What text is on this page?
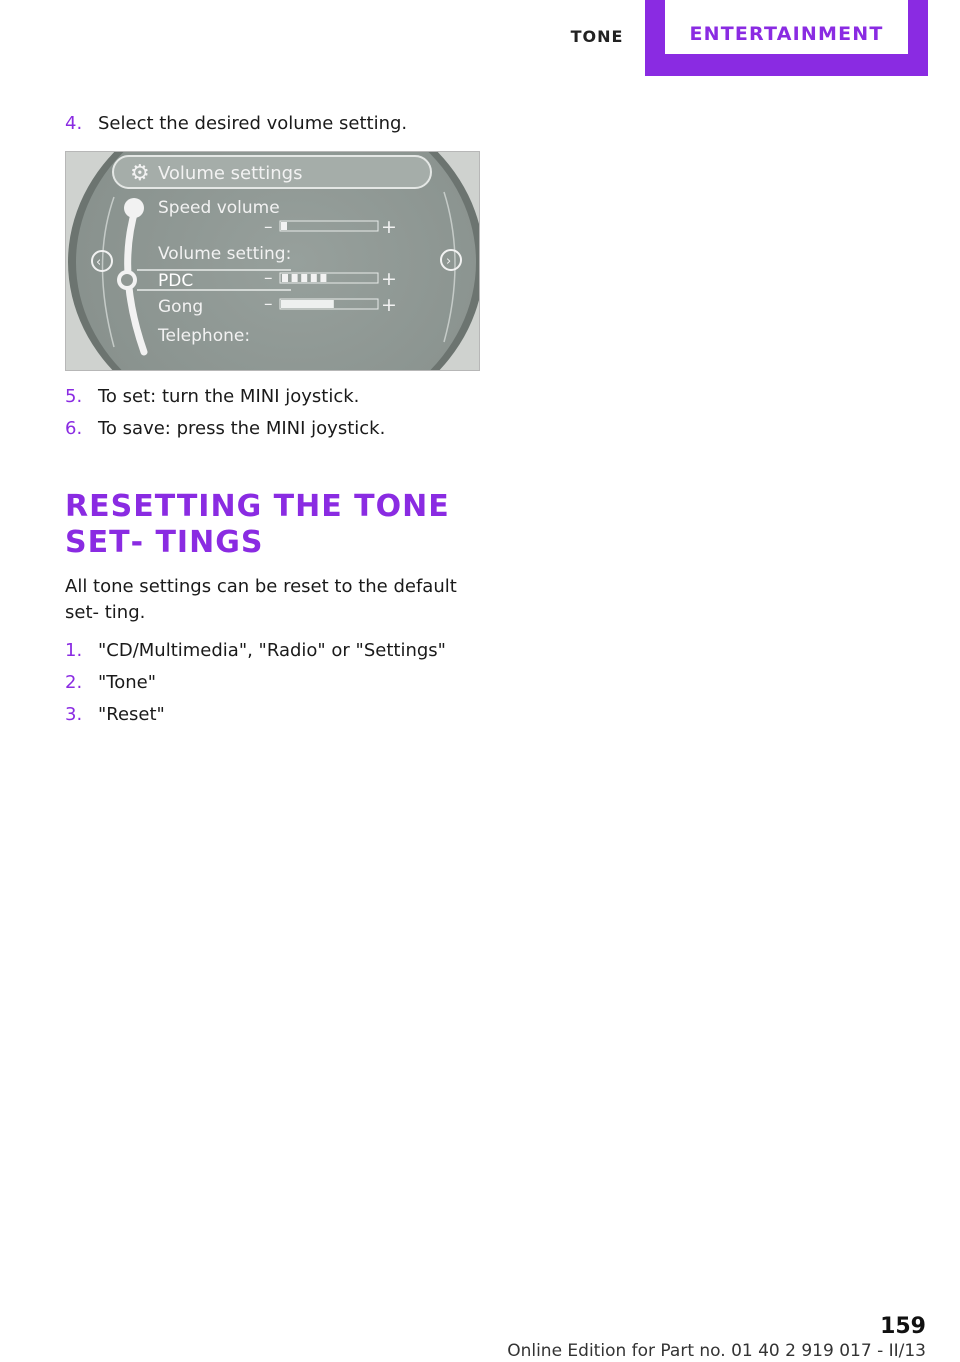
TONE	ENTERTAINMENT
4. Select the desired volume setting.
⚙ Volume settings
‹	›
Speed volume
–	+
Volume setting:
PDC	–	+
Gong	–	+
Telephone:
5. To set: turn the MINI joystick.
6. To save: press the MINI joystick.
RESETTING THE TONE SET‐ TINGS
All tone settings can be reset to the default set‐ ting.
1. "CD/Multimedia", "Radio" or "Settings"
2. "Tone"
3. "Reset"
159
Online Edition for Part no. 01 40 2 919 017 - II/13
